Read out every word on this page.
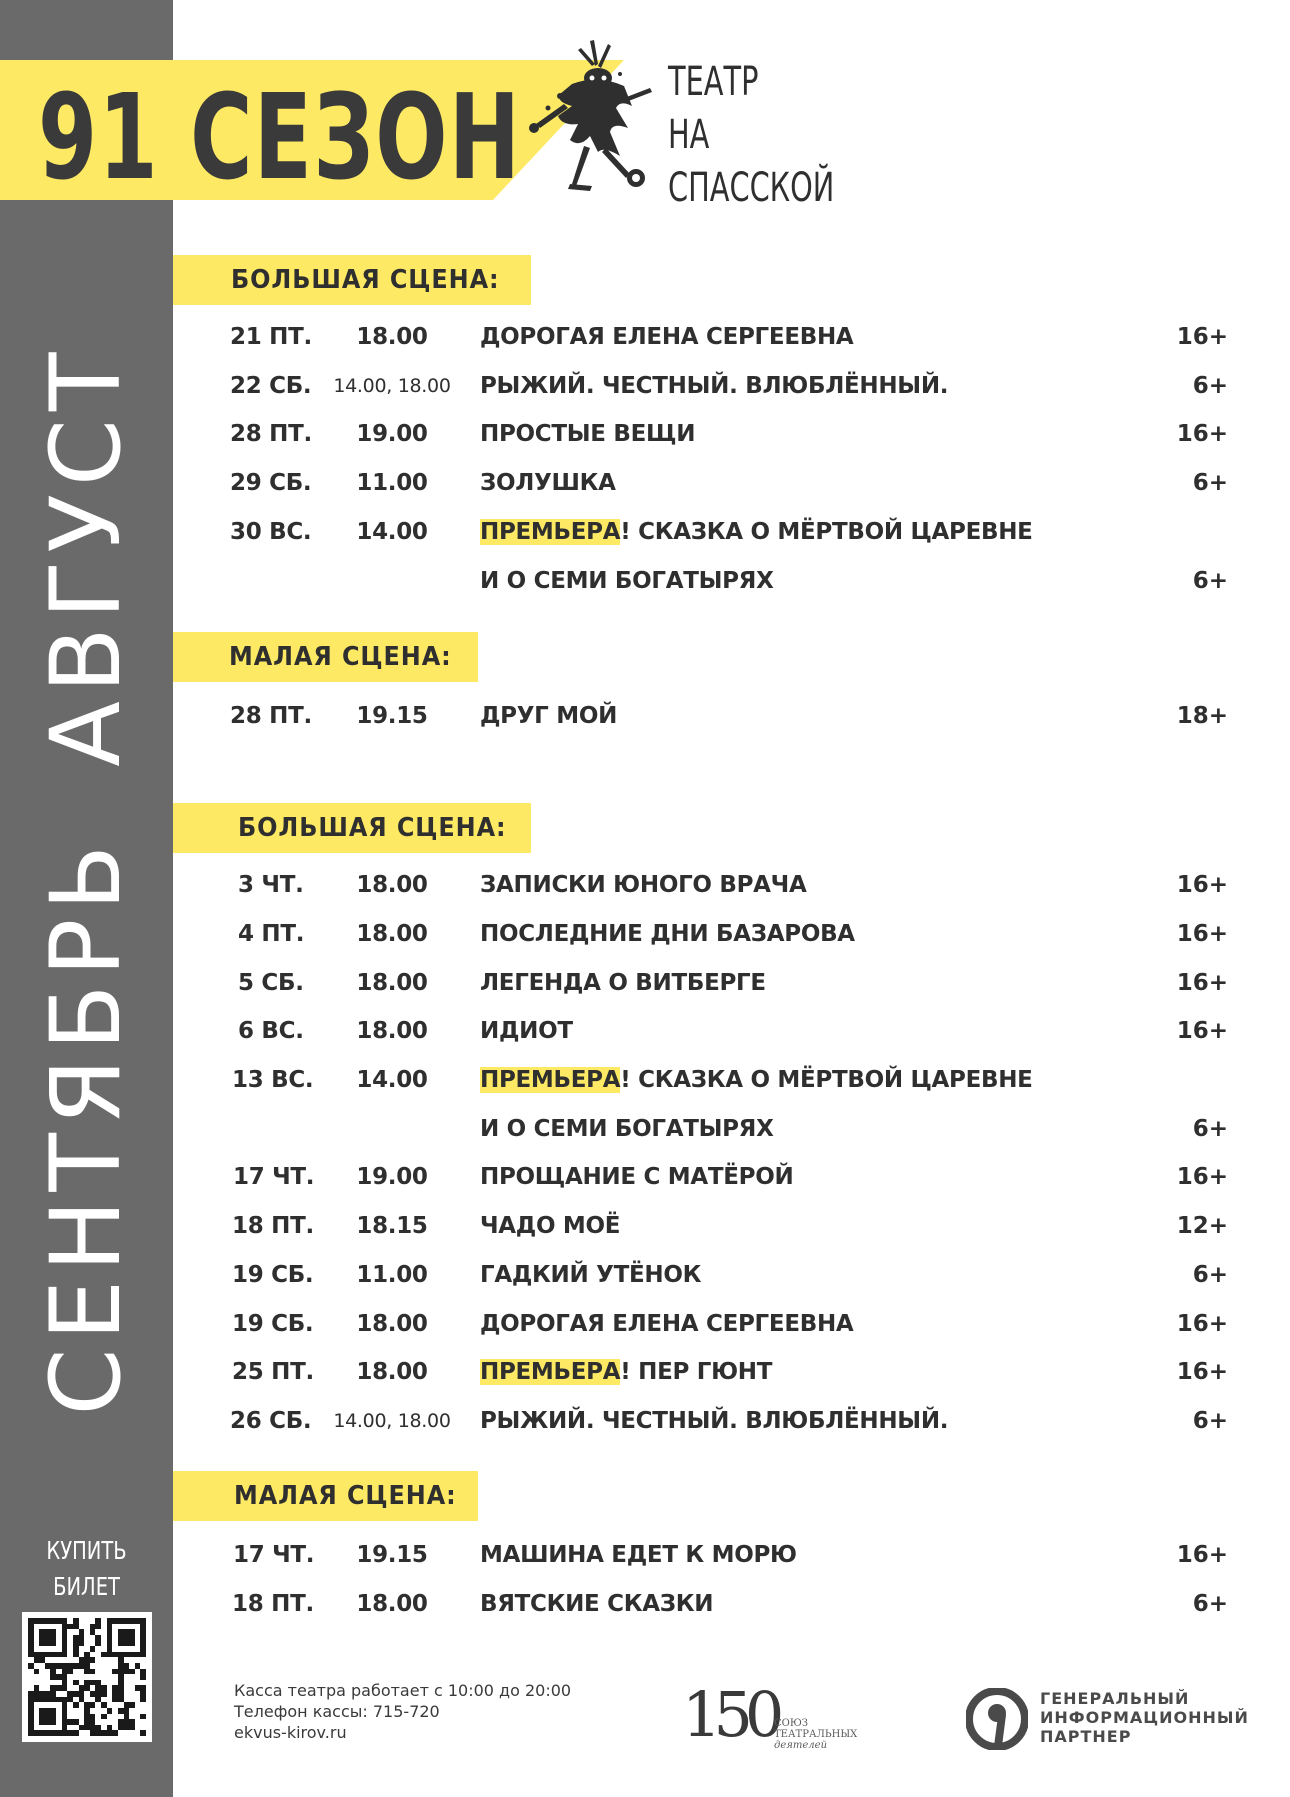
91 СЕЗОН	ТЕАТР
НА
СПАССКОЙ
СЕНТЯБРЬАВГУСТ
КУПИТЬ БИЛЕТ
БОЛЬШАЯ СЦЕНА:
21 ПТ.	18.00	ДОРОГАЯ ЕЛЕНА СЕРГЕЕВНА	16+
22 СБ.	14.00, 18.00	РЫЖИЙ. ЧЕСТНЫЙ. ВЛЮБЛЁННЫЙ.	6+
28 ПТ.	19.00	ПРОСТЫЕ ВЕЩИ	16+
29 СБ.	11.00	ЗОЛУШКА	6+
30 ВС.	14.00	ПРЕМЬЕРА! СКАЗКА О МЁРТВОЙ ЦАРЕВНЕ
И О СЕМИ БОГАТЫРЯХ	6+
МАЛАЯ СЦЕНА:
28 ПТ.	19.15	ДРУГ МОЙ	18+
БОЛЬШАЯ СЦЕНА:
3 ЧТ.	18.00	ЗАПИСКИ ЮНОГО ВРАЧА	16+
4 ПТ.	18.00	ПОСЛЕДНИЕ ДНИ БАЗАРОВА	16+
5 СБ.	18.00	ЛЕГЕНДА О ВИТБЕРГЕ	16+
6 ВС.	18.00	ИДИОТ	16+
13 ВС.	14.00	ПРЕМЬЕРА! СКАЗКА О МЁРТВОЙ ЦАРЕВНЕ
И О СЕМИ БОГАТЫРЯХ	6+
17 ЧТ.	19.00	ПРОЩАНИЕ С МАТЁРОЙ	16+
18 ПТ.	18.15	ЧАДО МОЁ	12+
19 СБ.	11.00	ГАДКИЙ УТЁНОК	6+
19 СБ.	18.00	ДОРОГАЯ ЕЛЕНА СЕРГЕЕВНА	16+
25 ПТ.	18.00	ПРЕМЬЕРА! ПЕР ГЮНТ	16+
26 СБ.	14.00, 18.00	РЫЖИЙ. ЧЕСТНЫЙ. ВЛЮБЛЁННЫЙ.	6+
МАЛАЯ СЦЕНА:
17 ЧТ.	19.15	МАШИНА ЕДЕТ К МОРЮ	16+
18 ПТ.	18.00	ВЯТСКИЕ СКАЗКИ	6+
Касса театра работает с 10:00 до 20:00
Телефон кассы: 715-720
ekvus-kirov.ru	150
СОЮЗ
ТЕАТРАЛЬНЫХ
деятелей
ГЕНЕРАЛЬНЫЙ
ИНФОРМАЦИОННЫЙ
ПАРТНЕР
